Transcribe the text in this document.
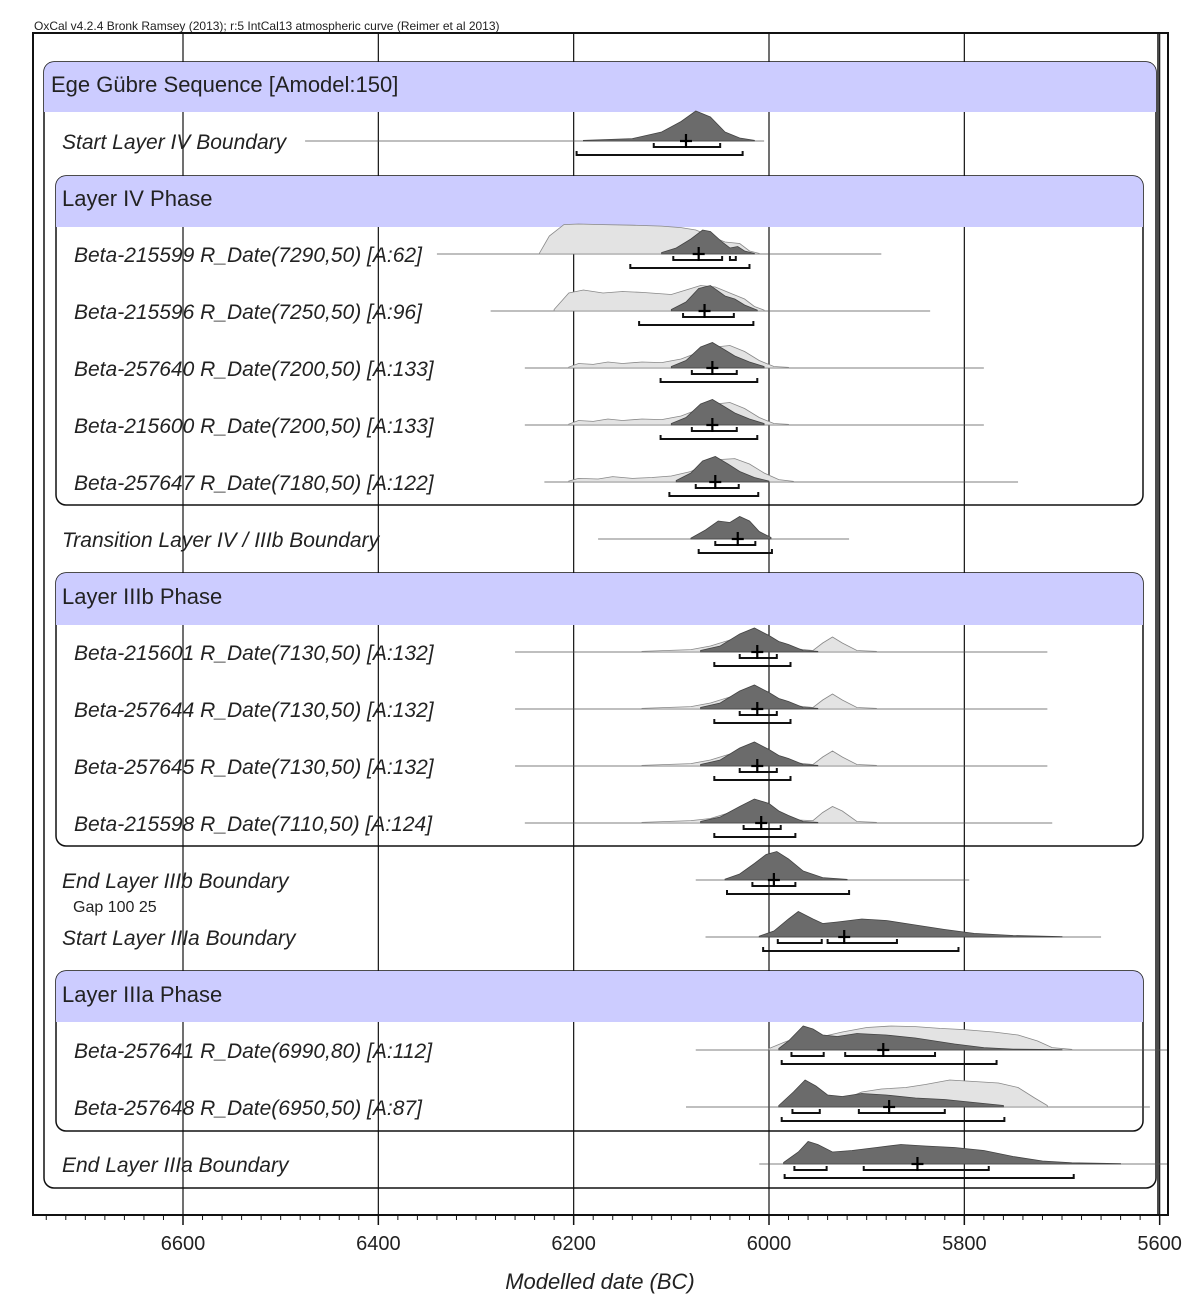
OxCal v4.2.4 Bronk Ramsey (2013); r:5 IntCal13 atmospheric curve (Reimer et al 2013)
Ege Gübre Sequence [Amodel:150]
Layer IV Phase
Layer IIIb Phase
Layer IIIa Phase
Start Layer IV Boundary
Beta-215599 R_Date(7290,50) [A:62]
Beta-215596 R_Date(7250,50) [A:96]
Beta-257640 R_Date(7200,50) [A:133]
Beta-215600 R_Date(7200,50) [A:133]
Beta-257647 R_Date(7180,50) [A:122]
Transition Layer IV / IIIb Boundary
Beta-215601 R_Date(7130,50) [A:132]
Beta-257644 R_Date(7130,50) [A:132]
Beta-257645 R_Date(7130,50) [A:132]
Beta-215598 R_Date(7110,50) [A:124]
End Layer IIIb Boundary
Start Layer IIIa Boundary
Beta-257641 R_Date(6990,80) [A:112]
Beta-257648 R_Date(6950,50) [A:87]
End Layer IIIa Boundary
Gap 100 25
6600	6400	6200	6000	5800	5600
Modelled date (BC)
